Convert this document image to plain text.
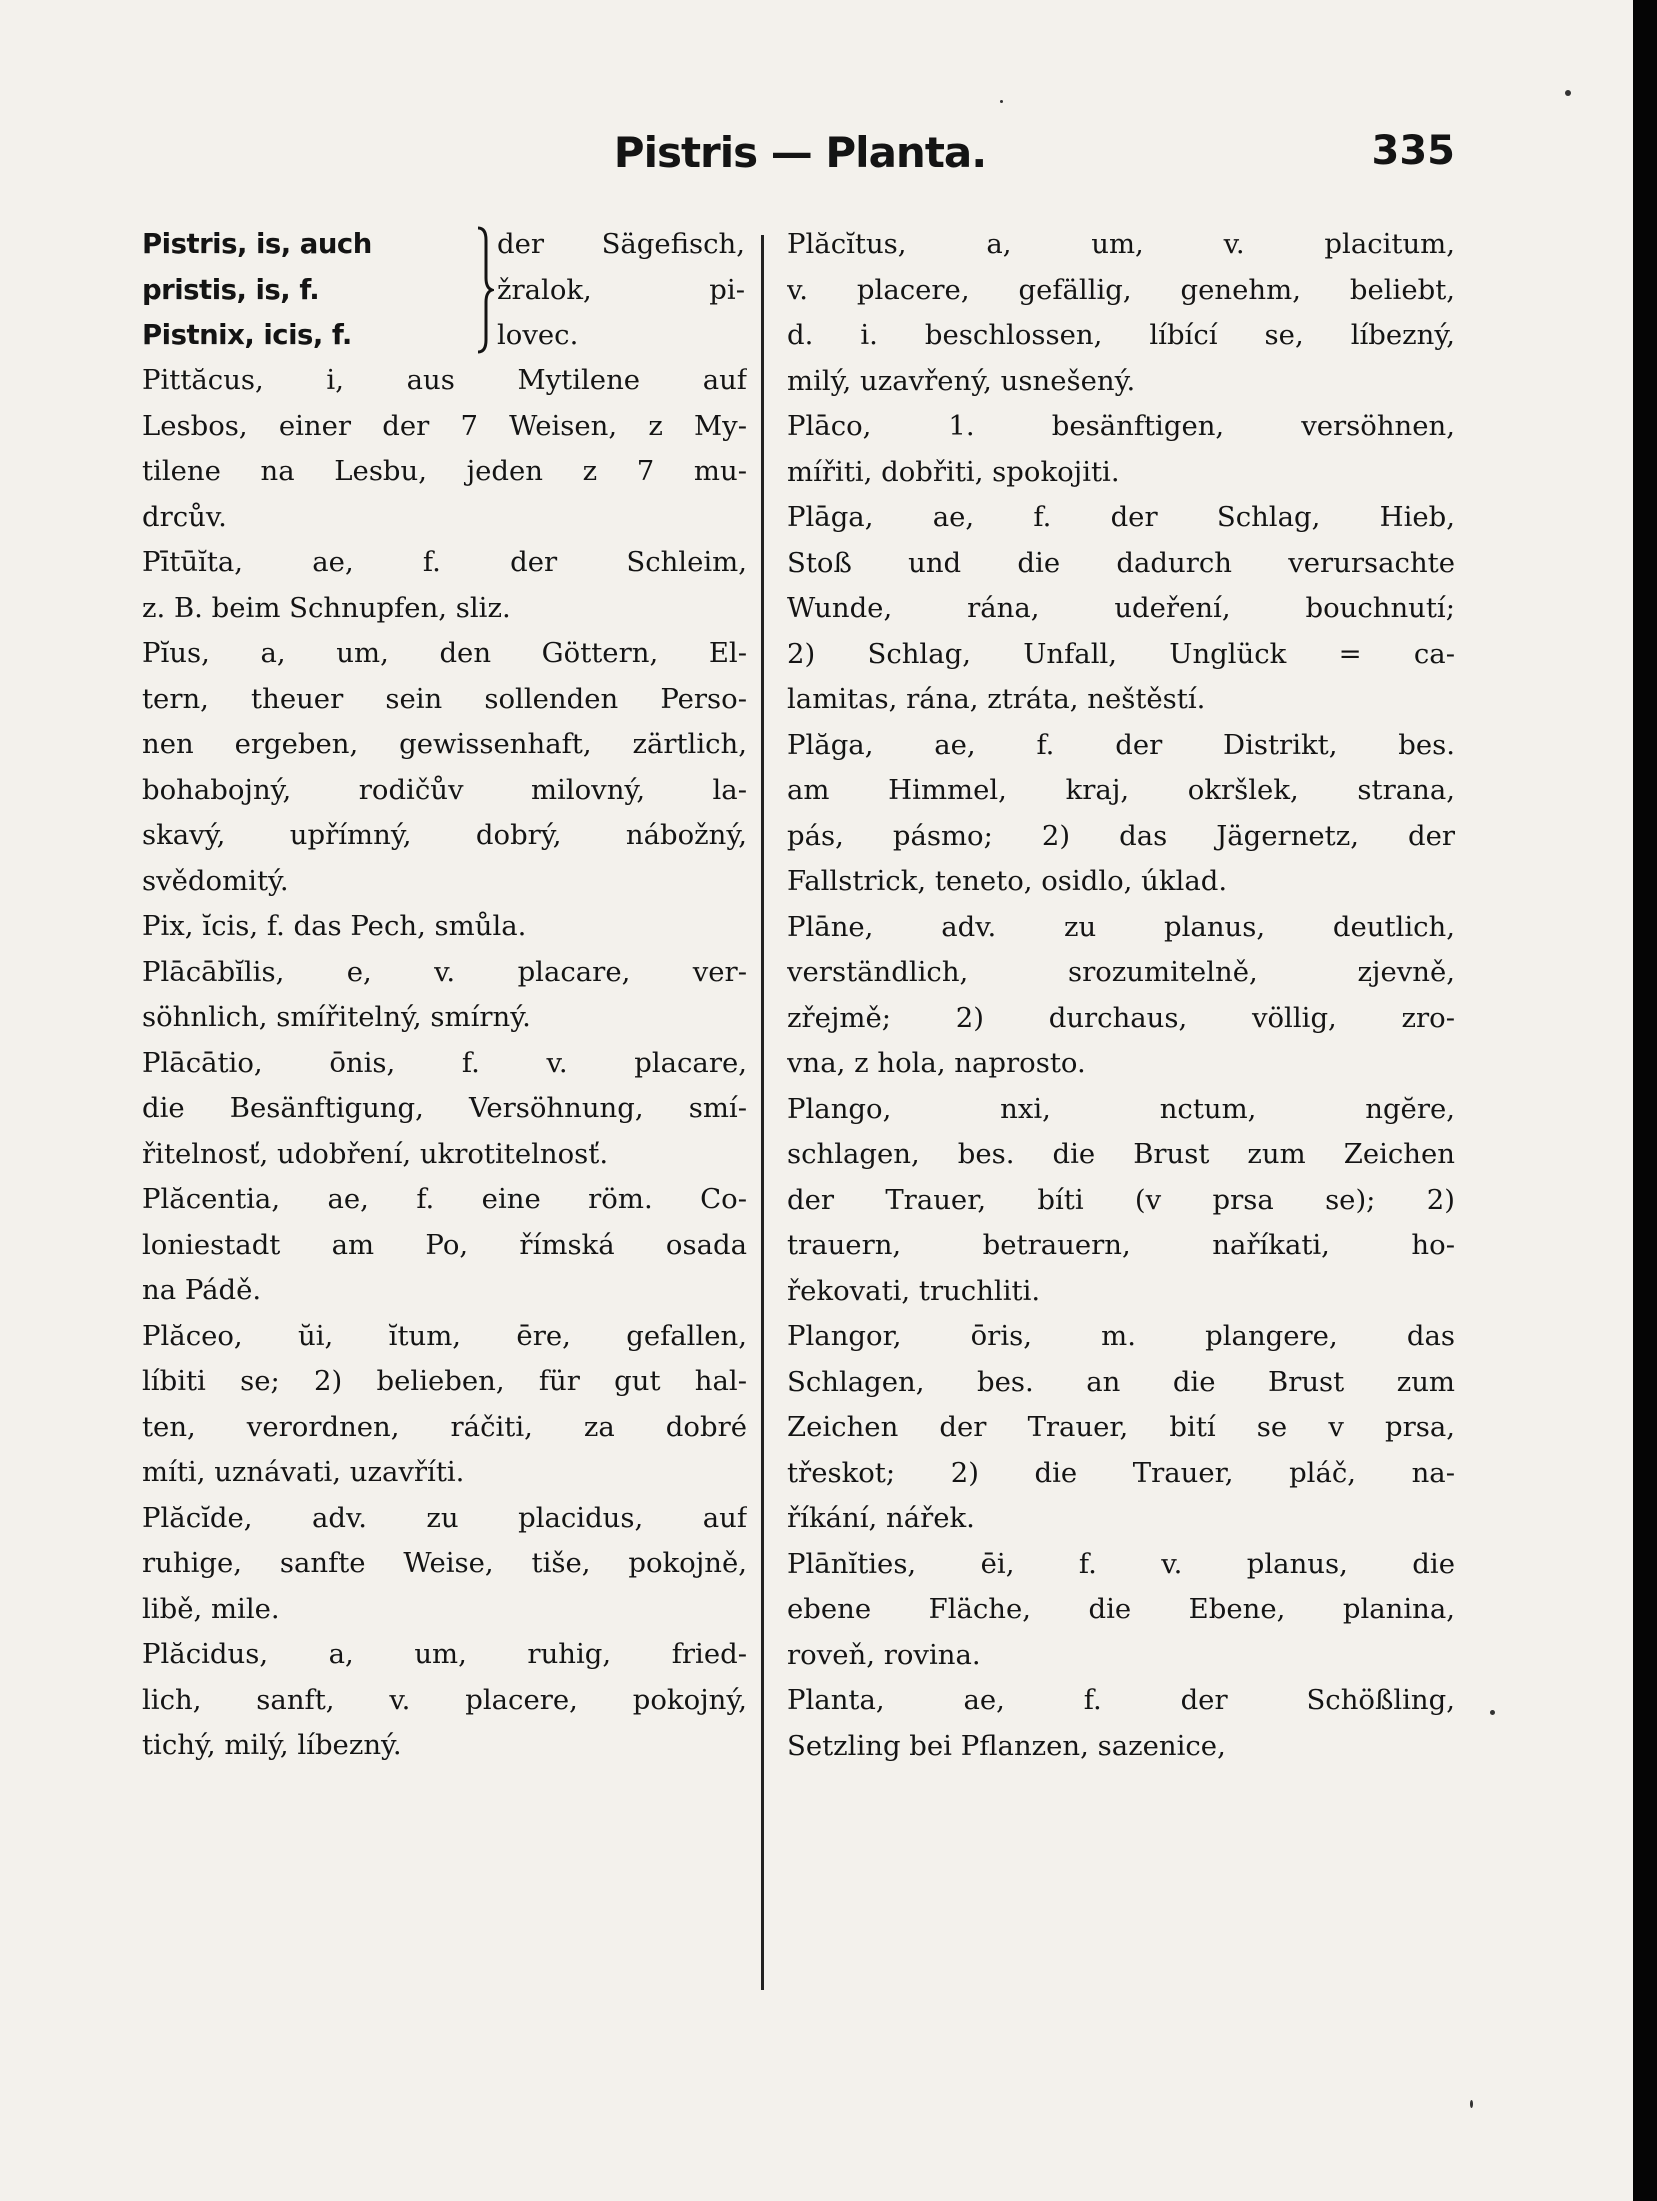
Pistris — Planta.	335
Pistris, is, auch
pristis, is, f.
Pistnix, icis, f.
der Sägefisch,
žralok, pi-
lovec.
Pittăcus, i, aus Mytilene auf
Lesbos, einer der 7 Weisen, z My-
tilene na Lesbu, jeden z 7 mu-
drcův.
Pītūĭta, ae, f. der Schleim,
z. B. beim Schnupfen, sliz.
Pĭus, a, um, den Göttern, El-
tern, theuer sein sollenden Perso-
nen ergeben, gewissenhaft, zärtlich,
bohabojný, rodičův milovný, la-
skavý, upřímný, dobrý, nábožný,
svědomitý.
Pix, ĭcis, f. das Pech, smůla.
Plācābĭlis, e, v. placare, ver-
söhnlich, smířitelný, smírný.
Plācātio, ōnis, f. v. placare,
die Besänftigung, Versöhnung, smí-
řitelnosť, udobření, ukrotitelnosť.
Plăcentia, ae, f. eine röm. Co-
loniestadt am Po, římská osada
na Pádě.
Plăceo, ŭi, ĭtum, ēre, gefallen,
líbiti se; 2) belieben, für gut hal-
ten, verordnen, ráčiti, za dobré
míti, uznávati, uzavříti.
Plăcĭde, adv. zu placidus, auf
ruhige, sanfte Weise, tiše, pokojně,
libě, mile.
Plăcidus, a, um, ruhig, fried-
lich, sanft, v. placere, pokojný,
tichý, milý, líbezný.
Plăcĭtus, a, um, v. placitum,
v. placere, gefällig, genehm, beliebt,
d. i. beschlossen, líbící se, líbezný,
milý, uzavřený, usnešený.
Plāco, 1. besänftigen, versöhnen,
mířiti, dobřiti, spokojiti.
Plāga, ae, f. der Schlag, Hieb,
Stoß und die dadurch verursachte
Wunde, rána, udeření, bouchnutí;
2) Schlag, Unfall, Unglück = ca-
lamitas, rána, ztráta, neštěstí.
Plăga, ae, f. der Distrikt, bes.
am Himmel, kraj, okršlek, strana,
pás, pásmo; 2) das Jägernetz, der
Fallstrick, teneto, osidlo, úklad.
Plāne, adv. zu planus, deutlich,
verständlich, srozumitelně, zjevně,
zřejmě; 2) durchaus, völlig, zro-
vna, z hola, naprosto.
Plango, nxi, nctum, ngĕre,
schlagen, bes. die Brust zum Zeichen
der Trauer, bíti (v prsa se); 2)
trauern, betrauern, naříkati, ho-
řekovati, truchliti.
Plangor, ōris, m. plangere, das
Schlagen, bes. an die Brust zum
Zeichen der Trauer, bití se v prsa,
třeskot; 2) die Trauer, pláč, na-
říkání, nářek.
Plānĭties, ēi, f. v. planus, die
ebene Fläche, die Ebene, planina,
roveň, rovina.
Planta, ae, f. der Schößling,
Setzling bei Pflanzen, sazenice,
